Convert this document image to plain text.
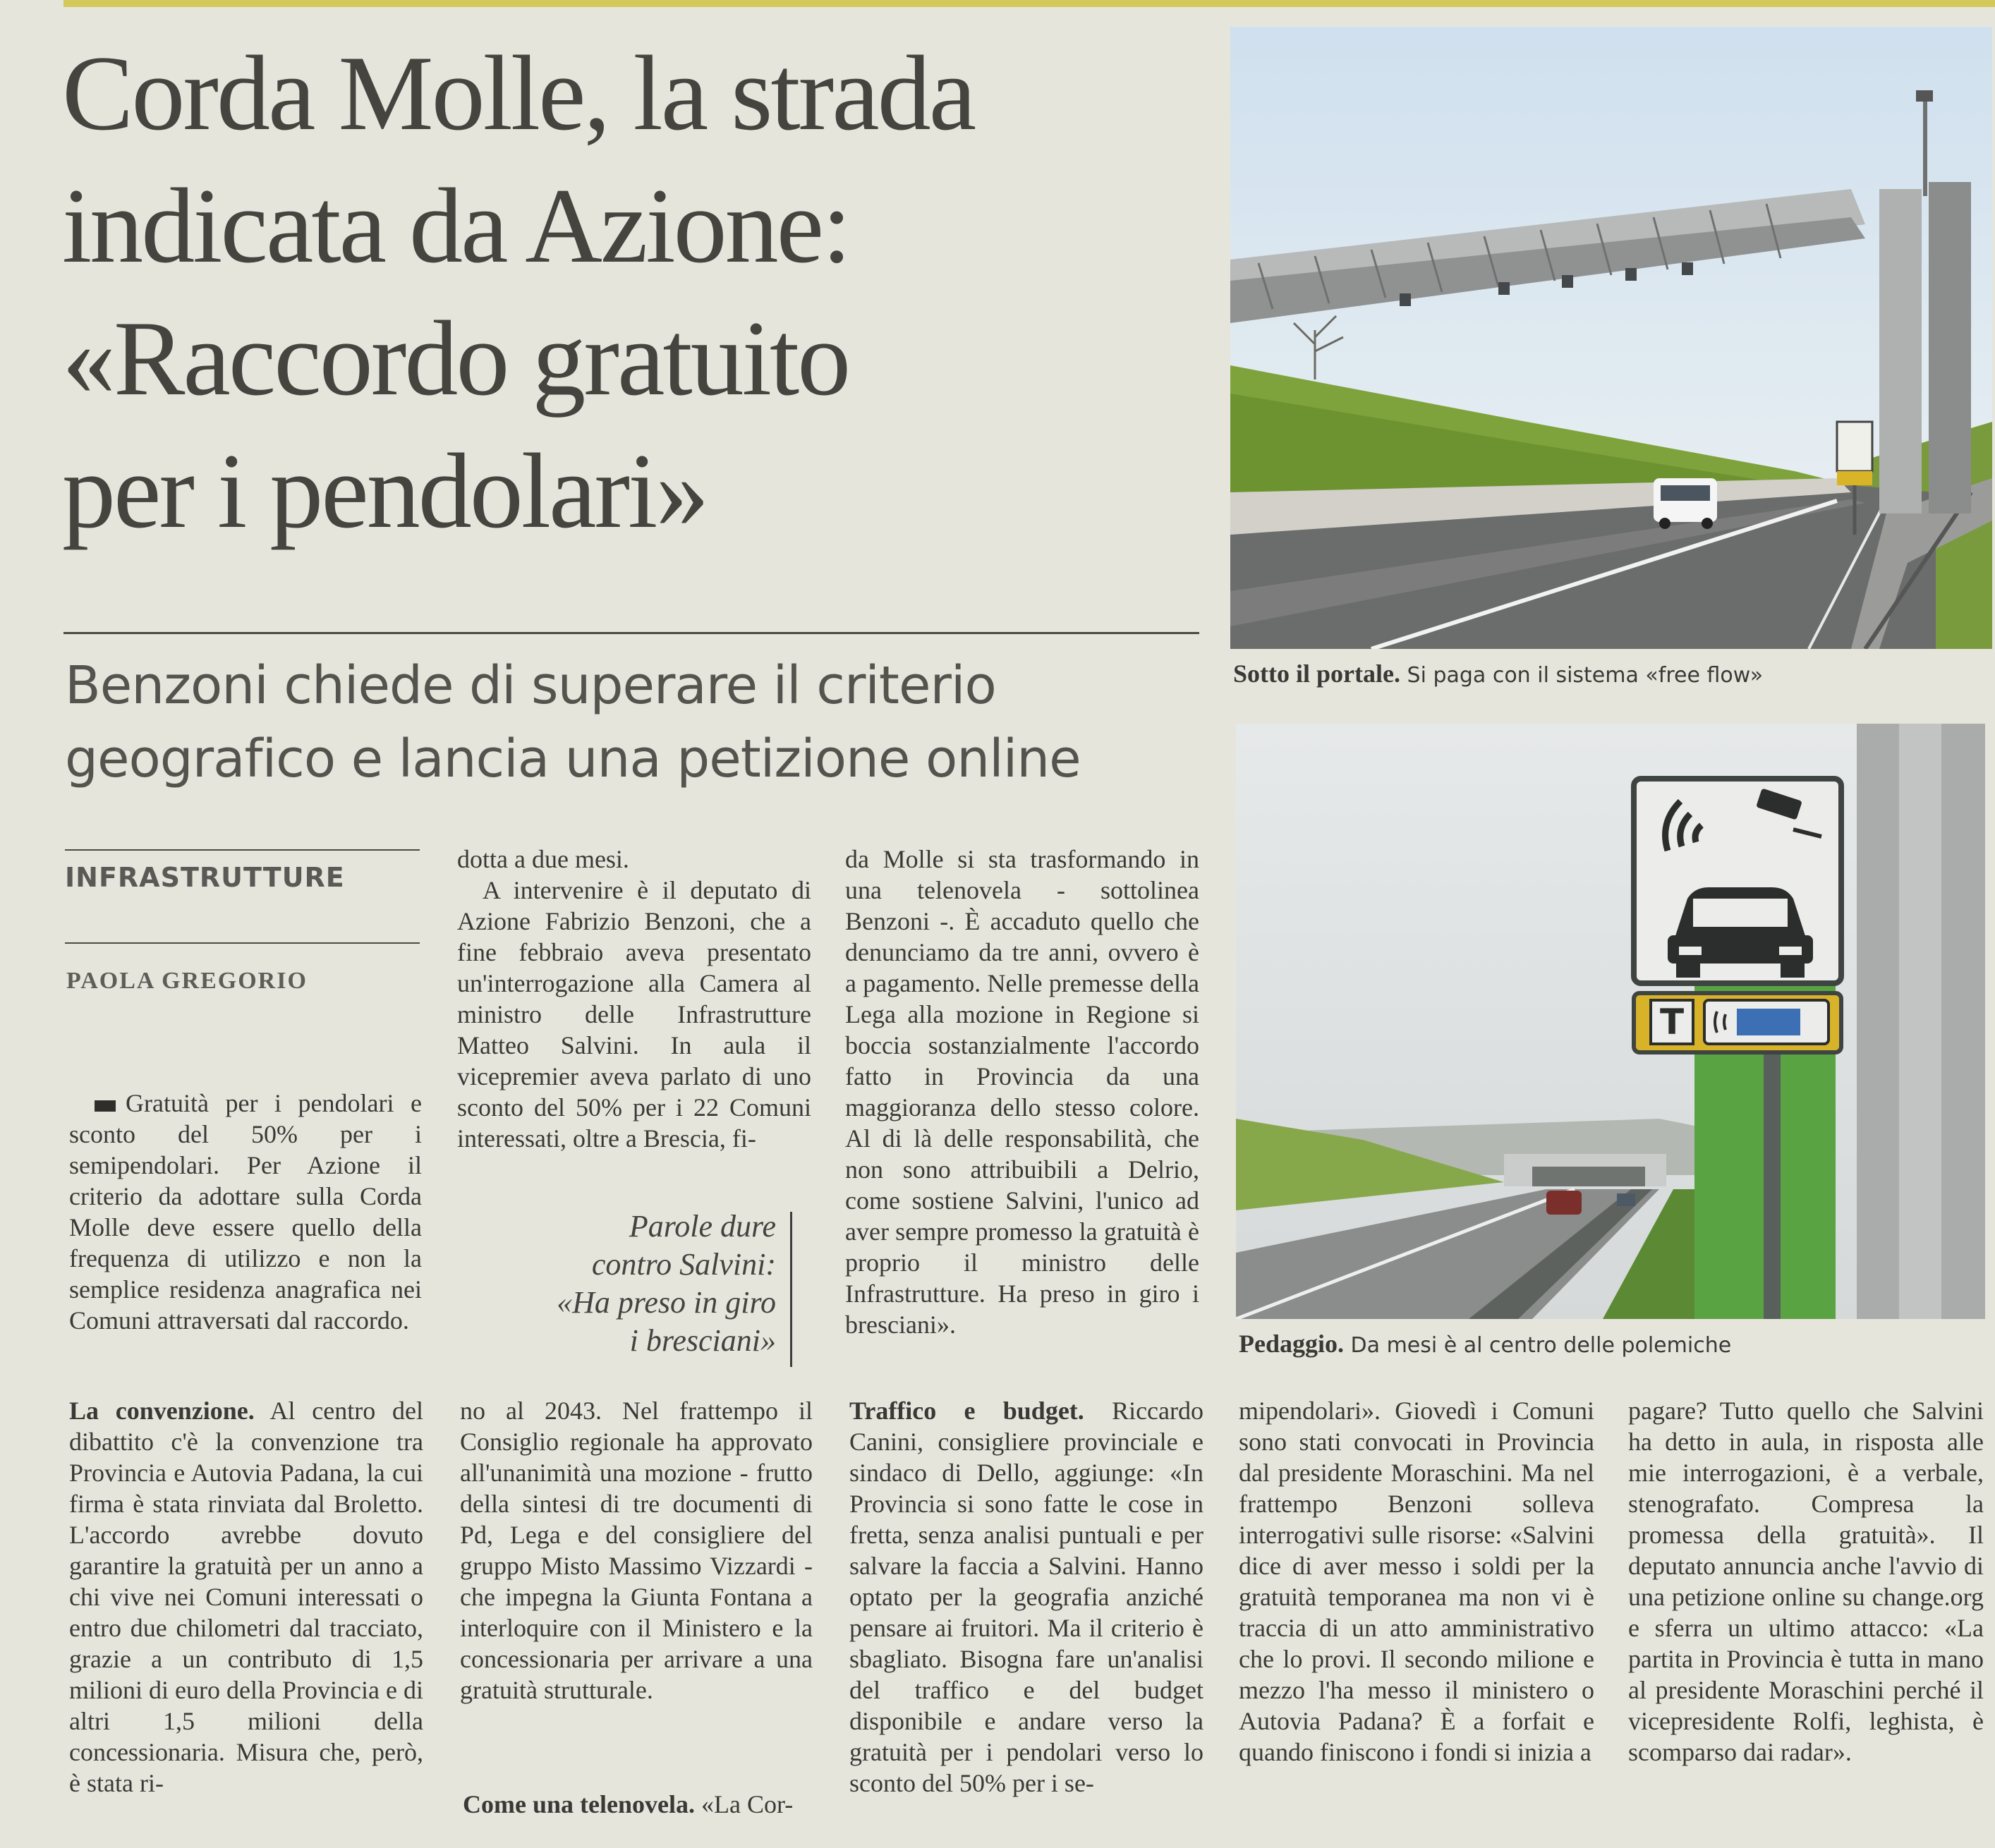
Corda Molle, la strada
indicata da Azione:
«Raccordo gratuito
per i pendolari»
Benzoni chiede di superare il criterio
geografico e lancia una petizione online
INFRASTRUTTURE
PAOLA GREGORIO

Gratuità per i pendolari e sconto del 50% per i semipendolari. Per Azione il criterio da adottare sulla Corda Molle deve essere quello della frequenza di utilizzo e non la semplice residenza anagrafica nei Comuni attraversati dal raccordo.

La convenzione. Al centro del dibattito c'è la convenzione tra Provincia e Autovia Padana, la cui firma è stata rinviata dal Broletto. L'accordo avrebbe dovuto garantire la gratuità per un anno a chi vive nei Comuni interessati o entro due chilometri dal tracciato, grazie a un contributo di 1,5 milioni di euro della Provincia e di altri 1,5 milioni della concessionaria. Misura che, però, è stata ri-

dotta a due mesi.

A intervenire è il deputato di Azione Fabrizio Benzoni, che a fine febbraio aveva presentato un'interrogazione alla Camera al ministro delle Infrastrutture Matteo Salvini. In aula il vicepremier aveva parlato di uno sconto del 50% per i 22 Comuni interessati, oltre a Brescia, fi-

Parole dure
contro Salvini:
«Ha preso in giro
i bresciani»

no al 2043. Nel frattempo il Consiglio regionale ha approvato all'unanimità una mozione - frutto della sintesi di tre documenti di Pd, Lega e del consigliere del gruppo Misto Massimo Vizzardi - che impegna la Giunta Fontana a interloquire con il Ministero e la concessionaria per arrivare a una gratuità strutturale.

Come una telenovela. «La Cor-

da Molle si sta trasformando in una telenovela - sottolinea Benzoni -. È accaduto quello che denunciamo da tre anni, ovvero è a pagamento. Nelle premesse della Lega alla mozione in Regione si boccia sostanzialmente l'accordo fatto in Provincia da una maggioranza dello stesso colore. Al di là delle responsabilità, che non sono attribuibili a Delrio, come sostiene Salvini, l'unico ad aver sempre promesso la gratuità è proprio il ministro delle Infrastrutture. Ha preso in giro i bresciani».

Traffico e budget. Riccardo Canini, consigliere provinciale e sindaco di Dello, aggiunge: «In Provincia si sono fatte le cose in fretta, senza analisi puntuali e per salvare la faccia a Salvini. Hanno optato per la geografia anziché pensare ai fruitori. Ma il criterio è sbagliato. Bisogna fare un'analisi del traffico e del budget disponibile e andare verso la gratuità per i pendolari verso lo sconto del 50% per i se-

mipendolari». Giovedì i Comuni sono stati convocati in Provincia dal presidente Moraschini. Ma nel frattempo Benzoni solleva interrogativi sulle risorse: «Salvini dice di aver messo i soldi per la gratuità temporanea ma non vi è traccia di un atto amministrativo che lo provi. Il secondo milione e mezzo l'ha messo il ministero o Autovia Padana? È a forfait e quando finiscono i fondi si inizia a

pagare? Tutto quello che Salvini ha detto in aula, in risposta alle mie interrogazioni, è a verbale, stenografato. Compresa la promessa della gratuità». Il deputato annuncia anche l'avvio di una petizione online su change.org e sferra un ultimo attacco: «La partita in Provincia è tutta in mano al presidente Moraschini perché il vicepresidente Rolfi, leghista, è scomparso dai radar».

Sotto il portale. Si paga con il sistema «free flow»
T
Pedaggio. Da mesi è al centro delle polemiche
